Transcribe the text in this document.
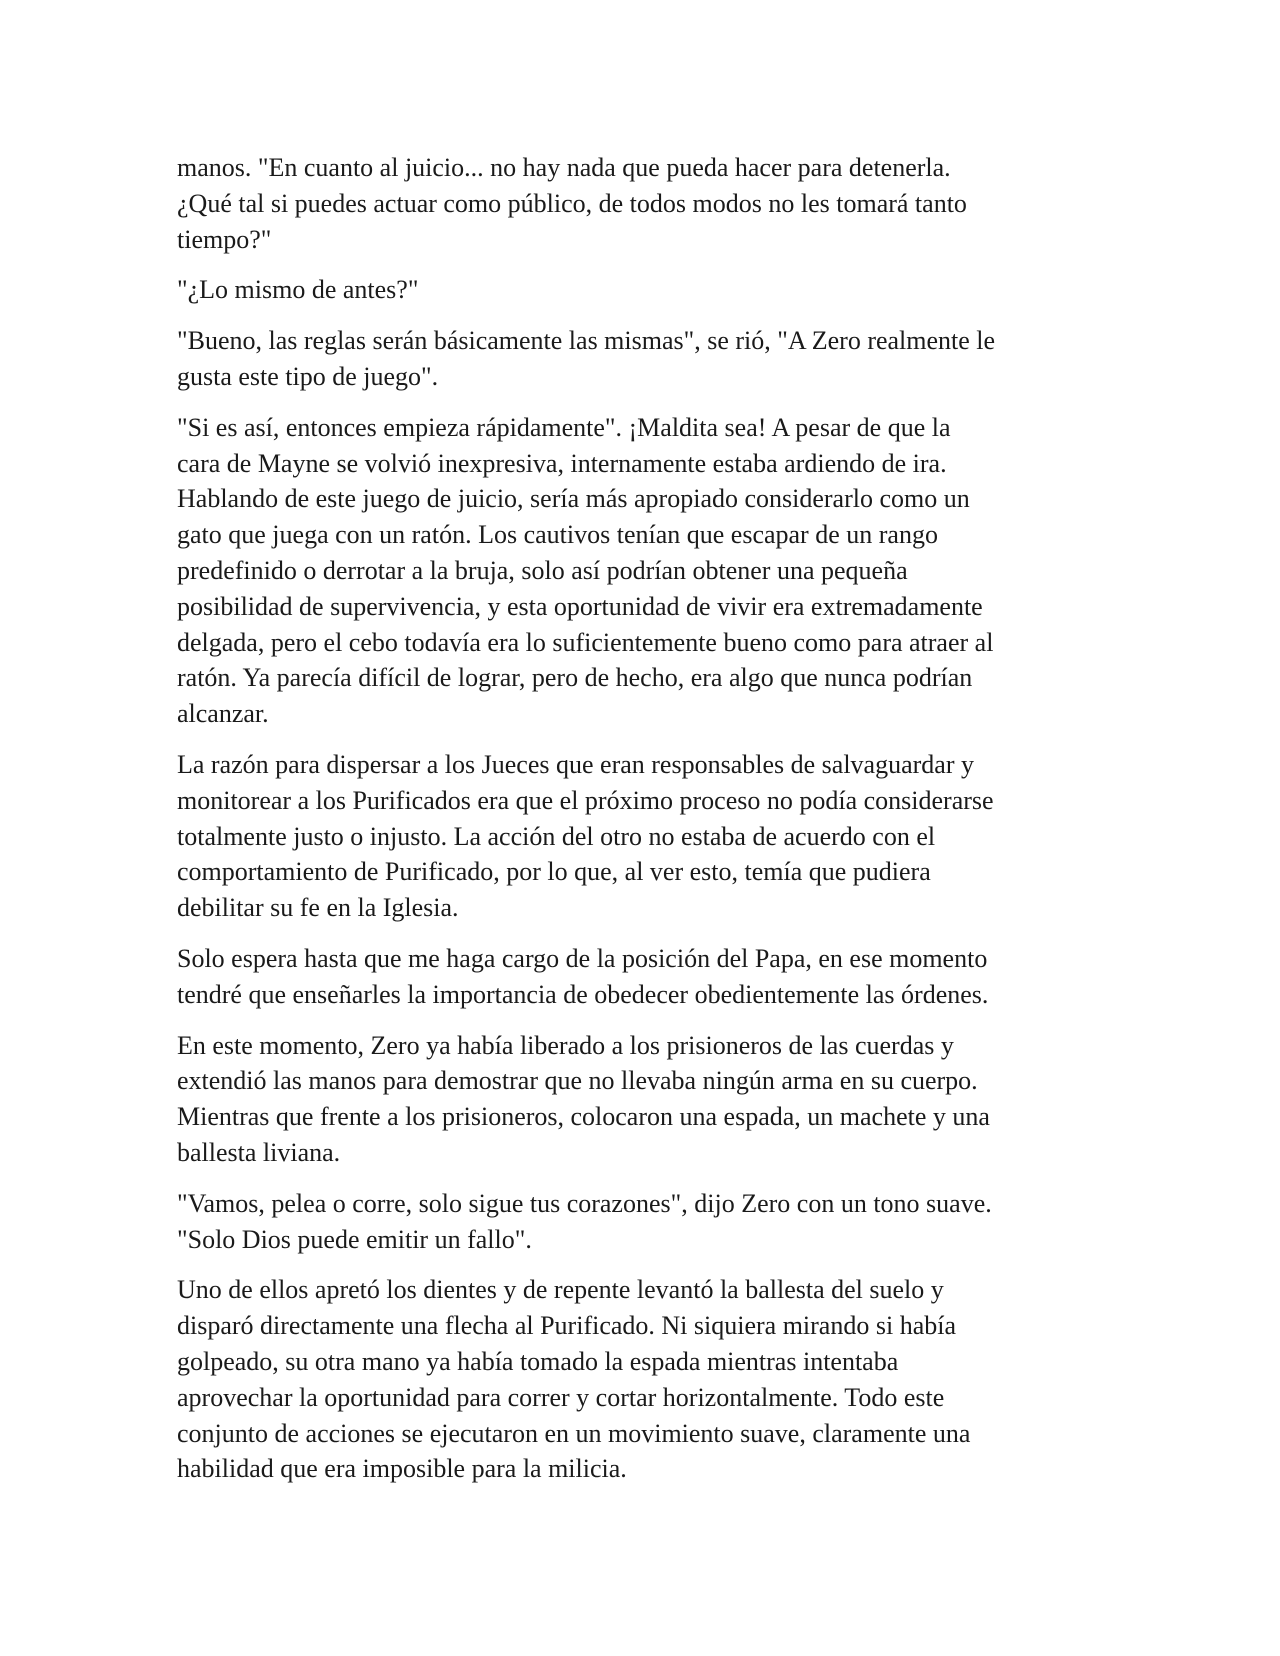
manos. "En cuanto al juicio... no hay nada que pueda hacer para detenerla.
¿Qué tal si puedes actuar como público, de todos modos no les tomará tanto
tiempo?"

"¿Lo mismo de antes?"

"Bueno, las reglas serán básicamente las mismas", se rió, "A Zero realmente le
gusta este tipo de juego".

"Si es así, entonces empieza rápidamente". ¡Maldita sea! A pesar de que la
cara de Mayne se volvió inexpresiva, internamente estaba ardiendo de ira.
Hablando de este juego de juicio, sería más apropiado considerarlo como un
gato que juega con un ratón. Los cautivos tenían que escapar de un rango
predefinido o derrotar a la bruja, solo así podrían obtener una pequeña
posibilidad de supervivencia, y esta oportunidad de vivir era extremadamente
delgada, pero el cebo todavía era lo suficientemente bueno como para atraer al
ratón. Ya parecía difícil de lograr, pero de hecho, era algo que nunca podrían
alcanzar.

La razón para dispersar a los Jueces que eran responsables de salvaguardar y
monitorear a los Purificados era que el próximo proceso no podía considerarse
totalmente justo o injusto. La acción del otro no estaba de acuerdo con el
comportamiento de Purificado, por lo que, al ver esto, temía que pudiera
debilitar su fe en la Iglesia.

Solo espera hasta que me haga cargo de la posición del Papa, en ese momento
tendré que enseñarles la importancia de obedecer obedientemente las órdenes.

En este momento, Zero ya había liberado a los prisioneros de las cuerdas y
extendió las manos para demostrar que no llevaba ningún arma en su cuerpo.
Mientras que frente a los prisioneros, colocaron una espada, un machete y una
ballesta liviana.

"Vamos, pelea o corre, solo sigue tus corazones", dijo Zero con un tono suave.
"Solo Dios puede emitir un fallo".

Uno de ellos apretó los dientes y de repente levantó la ballesta del suelo y
disparó directamente una flecha al Purificado. Ni siquiera mirando si había
golpeado, su otra mano ya había tomado la espada mientras intentaba
aprovechar la oportunidad para correr y cortar horizontalmente. Todo este
conjunto de acciones se ejecutaron en un movimiento suave, claramente una
habilidad que era imposible para la milicia.
